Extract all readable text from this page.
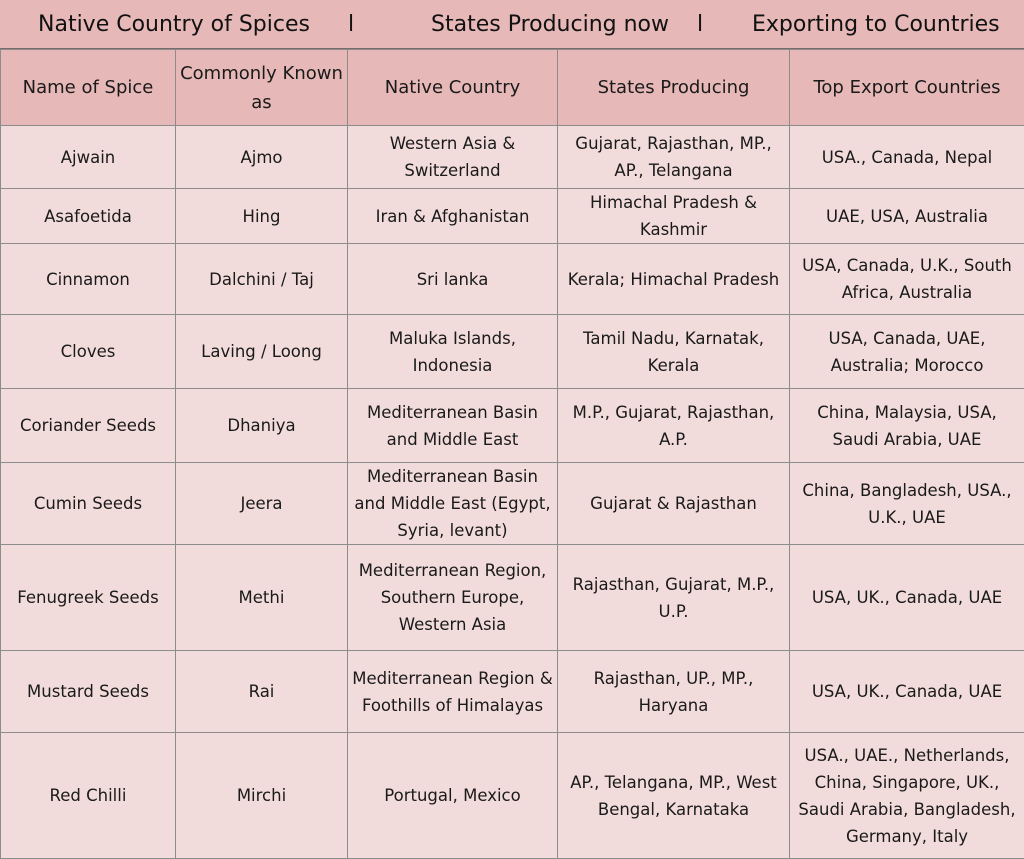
Native Country of Spices l	States Producing now l Exporting to Countries
Name of Spice	Commonly Known as	Native Country	States Producing	Top Export Countries
Ajwain	Ajmo	Western Asia & Switzerland	Gujarat, Rajasthan, MP., AP., Telangana	USA., Canada, Nepal
Asafoetida	Hing	Iran & Afghanistan	Himachal Pradesh & Kashmir	UAE, USA, Australia
Cinnamon	Dalchini / Taj	Sri lanka	Kerala; Himachal Pradesh	USA, Canada, U.K., South Africa, Australia
Cloves	Laving / Loong	Maluka Islands, Indonesia	Tamil Nadu, Karnatak, Kerala	USA, Canada, UAE, Australia; Morocco
Coriander Seeds	Dhaniya	Mediterranean Basin and Middle East	M.P., Gujarat, Rajasthan, A.P.	China, Malaysia, USA, Saudi Arabia, UAE
Cumin Seeds	Jeera	Mediterranean Basin and Middle East (Egypt, Syria, levant)	Gujarat & Rajasthan	China, Bangladesh, USA., U.K., UAE
Fenugreek Seeds	Methi	Mediterranean Region, Southern Europe, Western Asia	Rajasthan, Gujarat, M.P., U.P.	USA, UK., Canada, UAE
Mustard Seeds	Rai	Mediterranean Region & Foothills of Himalayas	Rajasthan, UP., MP., Haryana	USA, UK., Canada, UAE
Red Chilli	Mirchi	Portugal, Mexico	AP., Telangana, MP., West Bengal, Karnataka	USA., UAE., Netherlands, China, Singapore, UK., Saudi Arabia, Bangladesh, Germany, Italy
